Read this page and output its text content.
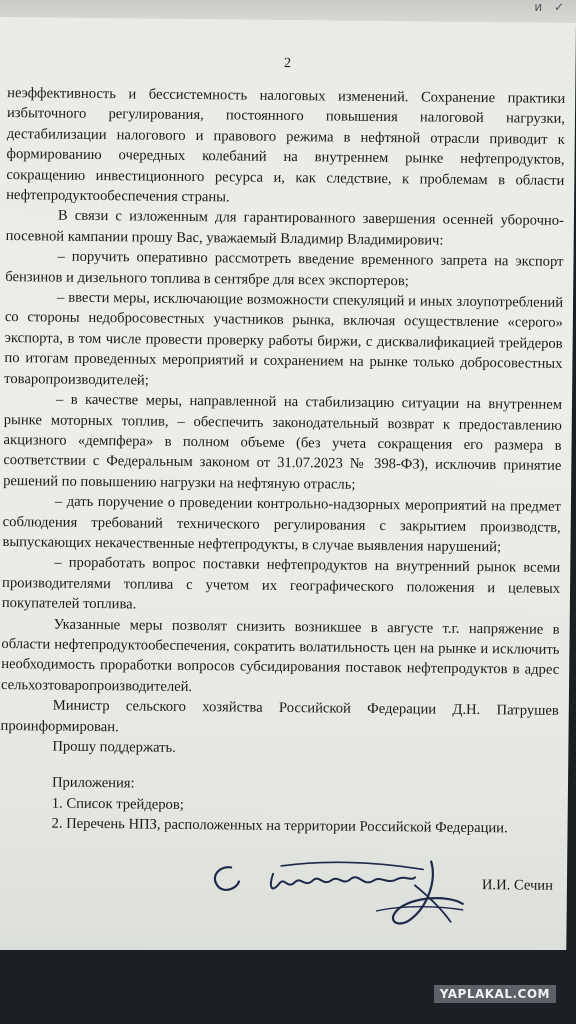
ᴎ ✓
2

неэффективность и бессистемность налоговых изменений. Сохранение практики избыточного регулирования, постоянного повышения налоговой нагрузки, дестабилизации налогового и правового режима в нефтяной отрасли приводит к формированию очередных колебаний на внутреннем рынке нефтепродуктов, сокращению инвестиционного ресурса и, как следствие, к проблемам в области нефтепродуктообеспечения страны.

В связи с изложенным для гарантированного завершения осенней уборочно-посевной кампании прошу Вас, уважаемый Владимир Владимирович:

– поручить оперативно рассмотреть введение временного запрета на экспорт бензинов и дизельного топлива в сентябре для всех экспортеров;

– ввести меры, исключающие возможности спекуляций и иных злоупотреблений со стороны недобросовестных участников рынка, включая осуществление «серого» экспорта, в том числе провести проверку работы биржи, с дисквалификацией трейдеров по итогам проведенных мероприятий и сохранением на рынке только добросовестных товаропроизводителей;

– в качестве меры, направленной на стабилизацию ситуации на внутреннем рынке моторных топлив, – обеспечить законодательный возврат к предоставлению акцизного «демпфера» в полном объеме (без учета сокращения его размера в соответствии с Федеральным законом от 31.07.2023 № 398-ФЗ), исключив принятие решений по повышению нагрузки на нефтяную отрасль;

– дать поручение о проведении контрольно-надзорных мероприятий на предмет соблюдения требований технического регулирования с закрытием производств, выпускающих некачественные нефтепродукты, в случае выявления нарушений;

– проработать вопрос поставки нефтепродуктов на внутренний рынок всеми производителями топлива с учетом их географического положения и целевых покупателей топлива.

Указанные меры позволят снизить возникшее в августе т.г. напряжение в области нефтепродуктообеспечения, сократить волатильность цен на рынке и исключить необходимость проработки вопросов субсидирования поставок нефтепродуктов в адрес сельхозтоваропроизводителей.

Министр сельского хозяйства Российской Федерации Д.Н. Патрушев проинформирован.

Прошу поддержать.

Приложения:

1. Список трейдеров;

2. Перечень НПЗ, расположенных на территории Российской Федерации.

И.И. Сечин
YAPLAKAL.COM
